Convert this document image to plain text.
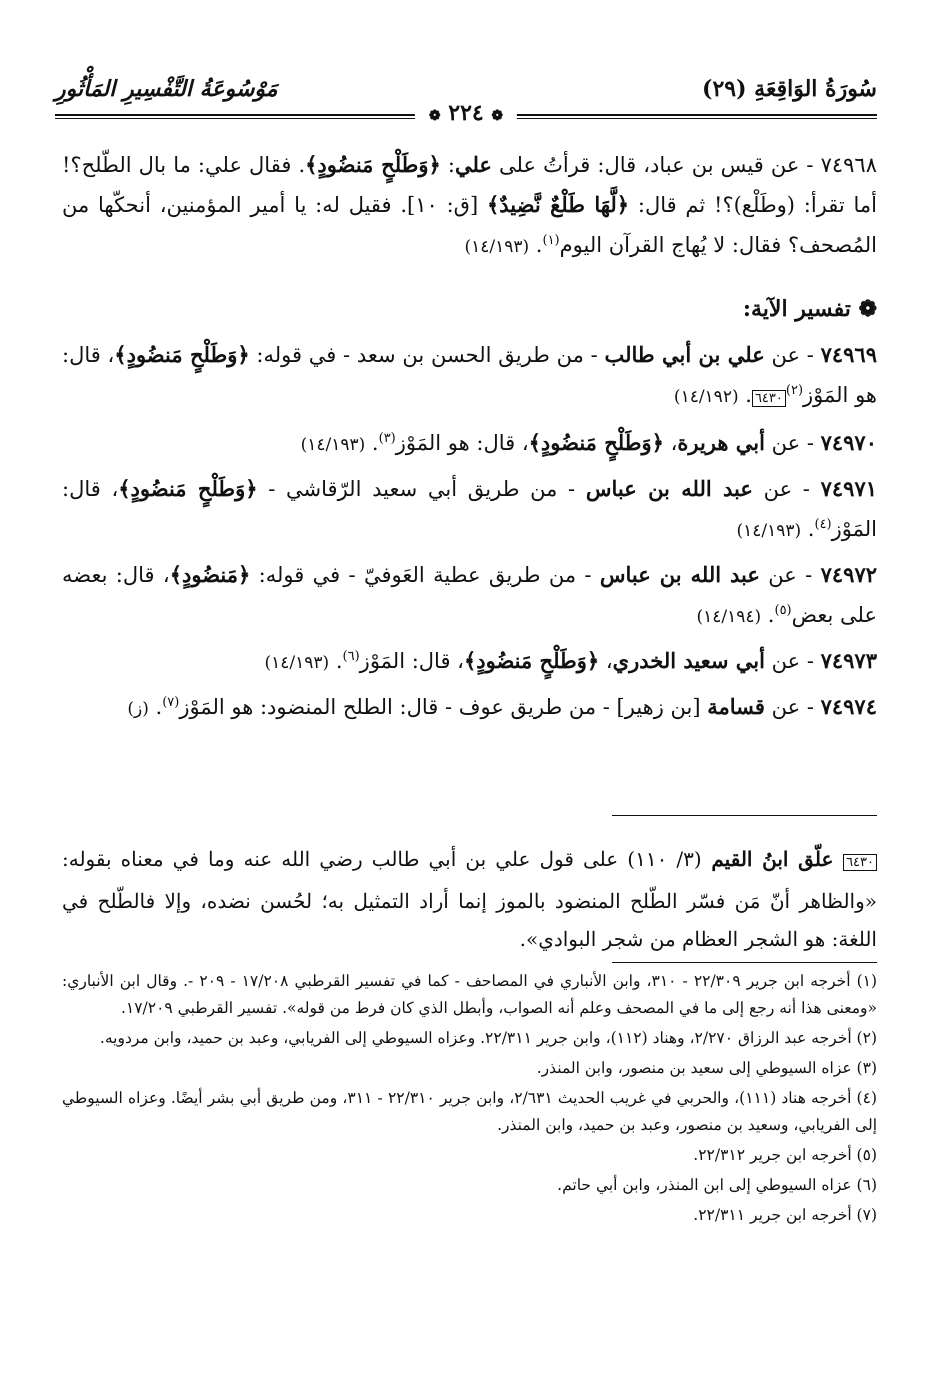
سُورَةُ الوَاقِعَةِ (٢٩)
مَوْسُوعَةُ التَّفْسِيرِ المَأْثُورِ
❁ ٢٢٤ ❁

٧٤٩٦٨ - عن قيس بن عباد، قال: قرأتُ على علي: ﴿وَطَلْحٍ مَنضُودٍ﴾. فقال علي: ما بال الطّلح؟! أما تقرأ: (وطَلْع)؟! ثم قال: ﴿لَّهَا طَلْعٌ نَّضِيدٌ﴾ [ق: ١٠]. فقيل له: يا أمير المؤمنين، أنحكّها من المُصحف؟ فقال: لا يُهاج القرآن اليوم$^{(١)}$. (١٤/١٩٣)

❁ تفسير الآية:

٧٤٩٦٩ - عن علي بن أبي طالب - من طريق الحسن بن سعد - في قوله: ﴿وَطَلْحٍ مَنضُودٍ﴾، قال: هو المَوْز$^{(٢)}$٦٤٣٠. (١٤/١٩٢)

٧٤٩٧٠ - عن أبي هريرة، ﴿وَطَلْحٍ مَنضُودٍ﴾، قال: هو المَوْز$^{(٣)}$. (١٤/١٩٣)

٧٤٩٧١ - عن عبد الله بن عباس - من طريق أبي سعيد الرّقاشي - ﴿وَطَلْحٍ مَنضُودٍ﴾، قال: المَوْز$^{(٤)}$. (١٤/١٩٣)

٧٤٩٧٢ - عن عبد الله بن عباس - من طريق عطية العَوفيّ - في قوله: ﴿مَنضُودٍ﴾، قال: بعضه على بعض$^{(٥)}$. (١٤/١٩٤)

٧٤٩٧٣ - عن أبي سعيد الخدري، ﴿وَطَلْحٍ مَنضُودٍ﴾، قال: المَوْز$^{(٦)}$. (١٤/١٩٣)

٧٤٩٧٤ - عن قسامة [بن زهير] - من طريق عوف - قال: الطلح المنضود: هو المَوْز$^{(٧)}$. (ز)

٦٤٣٠ علّق ابنُ القيم (٣/ ١١٠) على قول علي بن أبي طالب رضي الله عنه وما في معناه بقوله: «والظاهر أنّ مَن فسّر الطّلح المنضود بالموز إنما أراد التمثيل به؛ لحُسن نضده، وإلا فالطّلح في اللغة: هو الشجر العظام من شجر البوادي».

(١) أخرجه ابن جرير ٢٢/٣٠٩ - ٣١٠، وابن الأنباري في المصاحف - كما في تفسير القرطبي ١٧/٢٠٨ - ٢٠٩ -. وقال ابن الأنباري: «ومعنى هذا أنه رجع إلى ما في المصحف وعلم أنه الصواب، وأبطل الذي كان فرط من قوله». تفسير القرطبي ١٧/٢٠٩.

(٢) أخرجه عبد الرزاق ٢/٢٧٠، وهناد (١١٢)، وابن جرير ٢٢/٣١١. وعزاه السيوطي إلى الفريابي، وعبد بن حميد، وابن مردويه.

(٣) عزاه السيوطي إلى سعيد بن منصور، وابن المنذر.

(٤) أخرجه هناد (١١١)، والحربي في غريب الحديث ٢/٦٣١، وابن جرير ٢٢/٣١٠ - ٣١١، ومن طريق أبي بشر أيضًا. وعزاه السيوطي إلى الفريابي، وسعيد بن منصور، وعبد بن حميد، وابن المنذر.

(٥) أخرجه ابن جرير ٢٢/٣١٢.

(٦) عزاه السيوطي إلى ابن المنذر، وابن أبي حاتم.

(٧) أخرجه ابن جرير ٢٢/٣١١.
